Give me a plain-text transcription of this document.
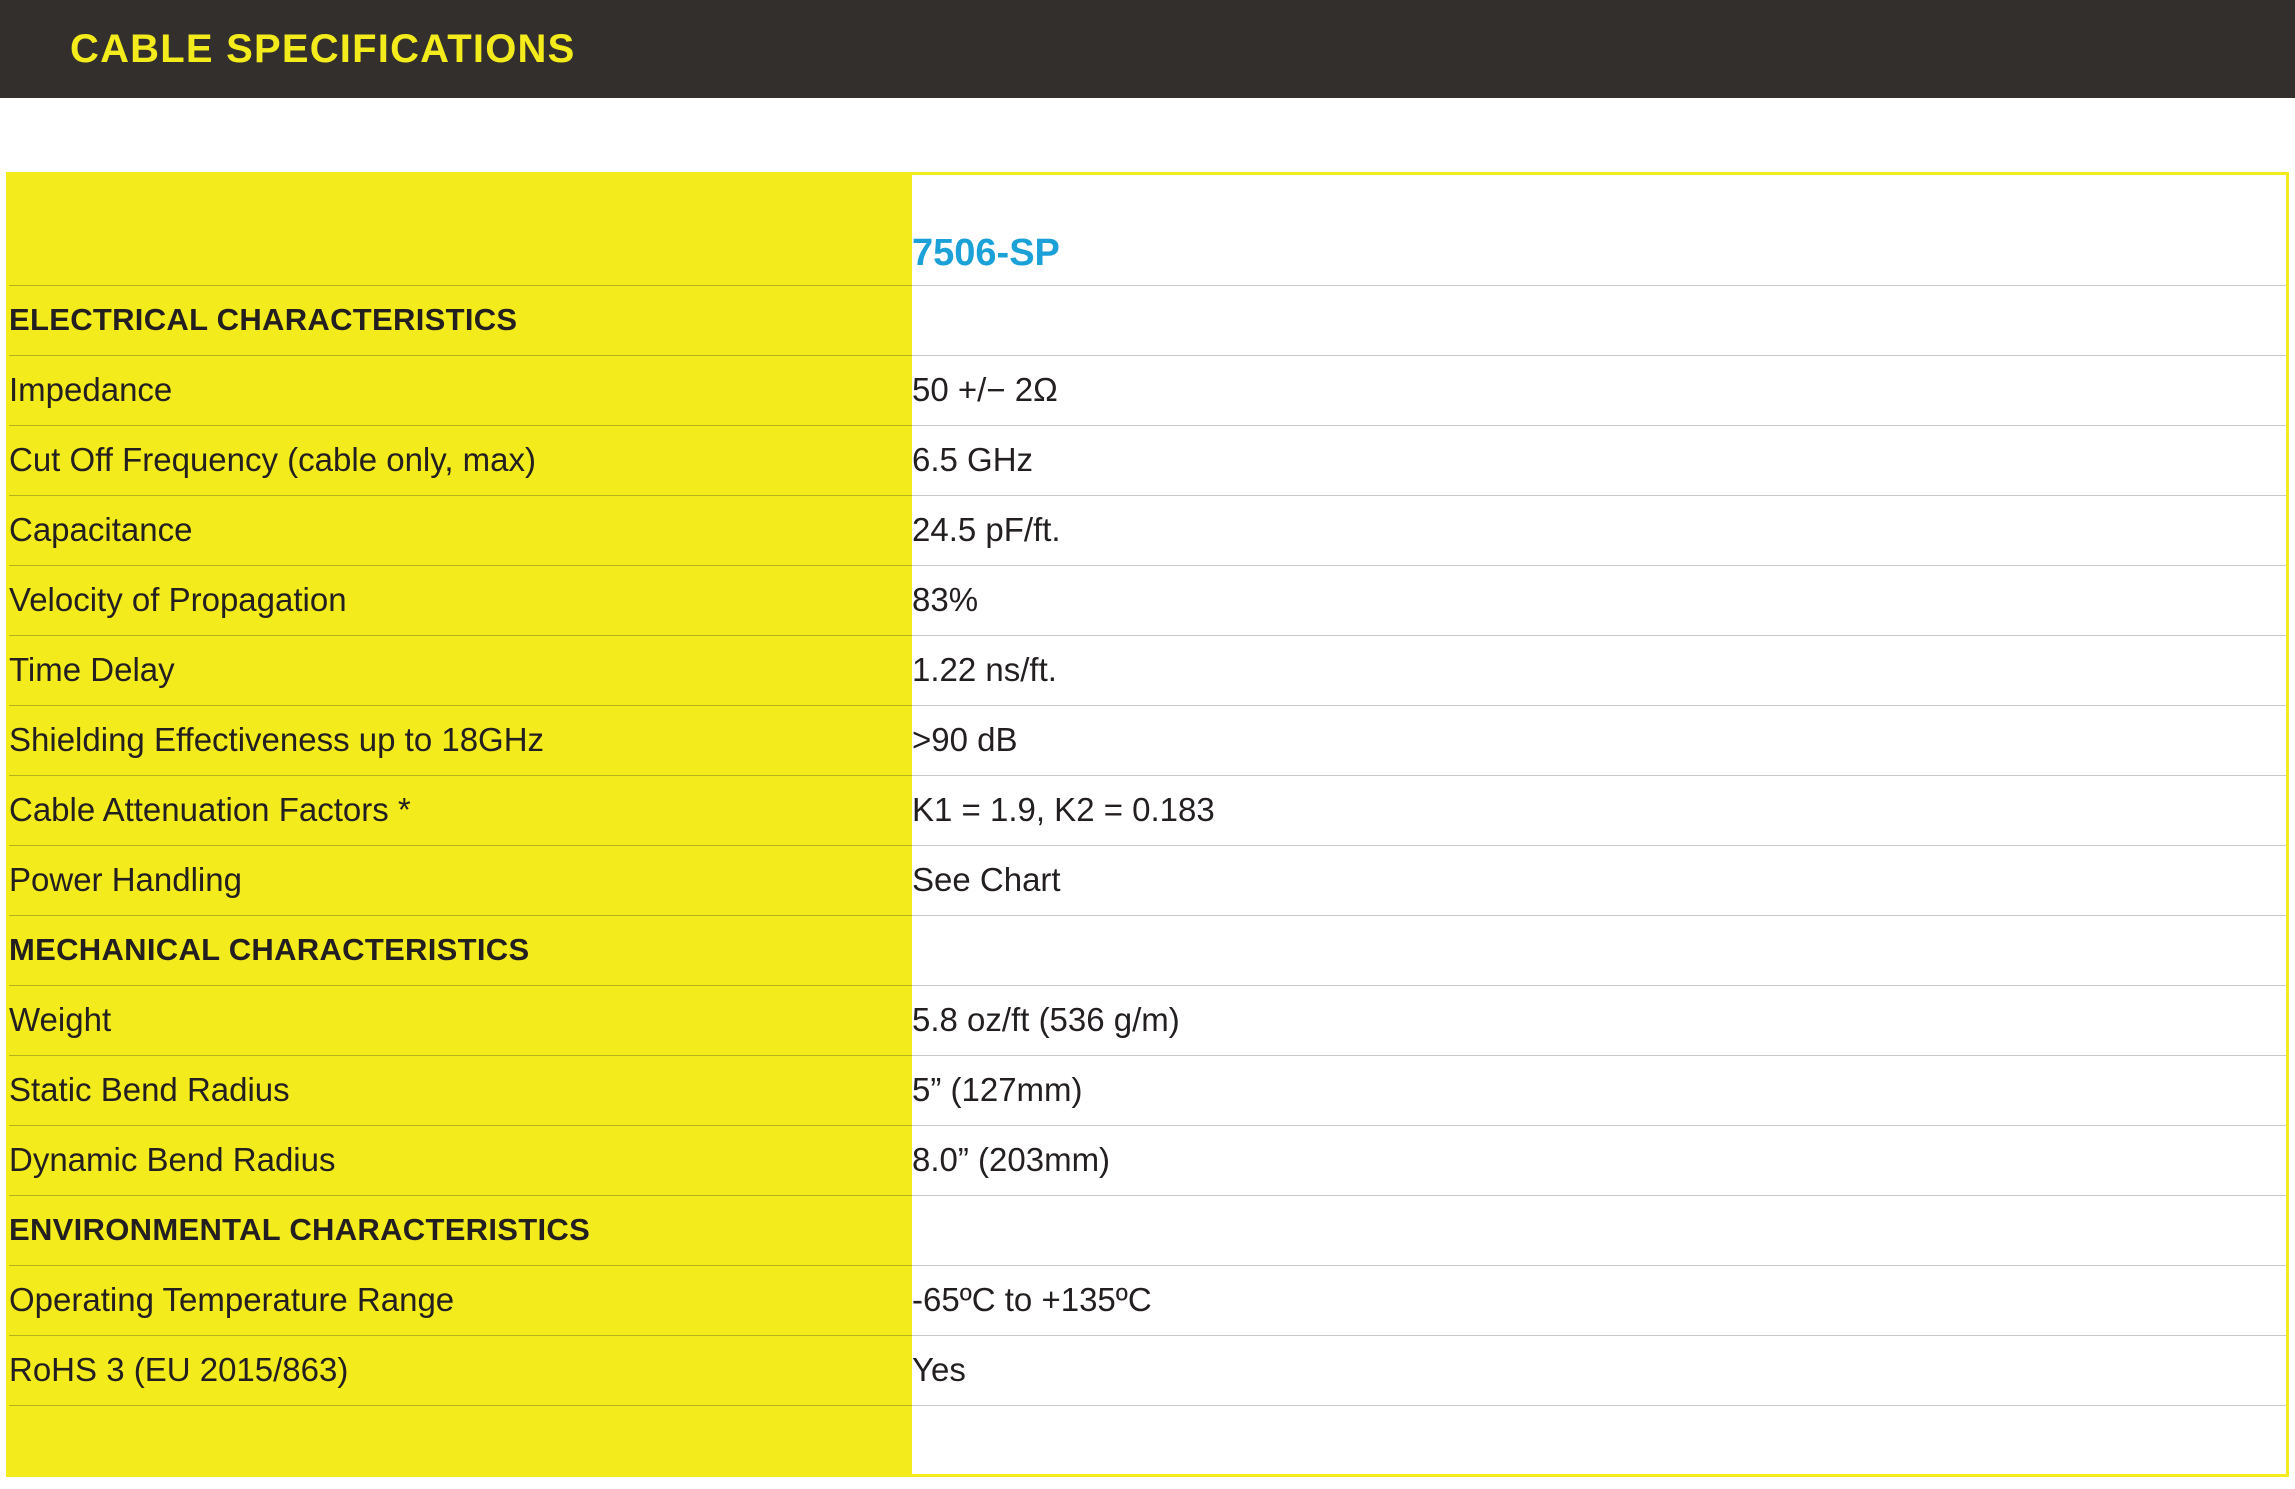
CABLE SPECIFICATIONS
	7506-SP
ELECTRICAL CHARACTERISTICS	
Impedance	50 +/− 2Ω
Cut Off Frequency (cable only, max)	6.5 GHz
Capacitance	24.5 pF/ft.
Velocity of Propagation	83%
Time Delay	1.22 ns/ft.
Shielding Effectiveness up to 18GHz	>90 dB
Cable Attenuation Factors *	K1 = 1.9, K2 = 0.183
Power Handling	See Chart
MECHANICAL CHARACTERISTICS	
Weight	5.8 oz/ft (536 g/m)
Static Bend Radius	5” (127mm)
Dynamic Bend Radius	8.0” (203mm)
ENVIRONMENTAL CHARACTERISTICS	
Operating Temperature Range	-65ºC to +135ºC
RoHS 3 (EU 2015/863)	Yes
